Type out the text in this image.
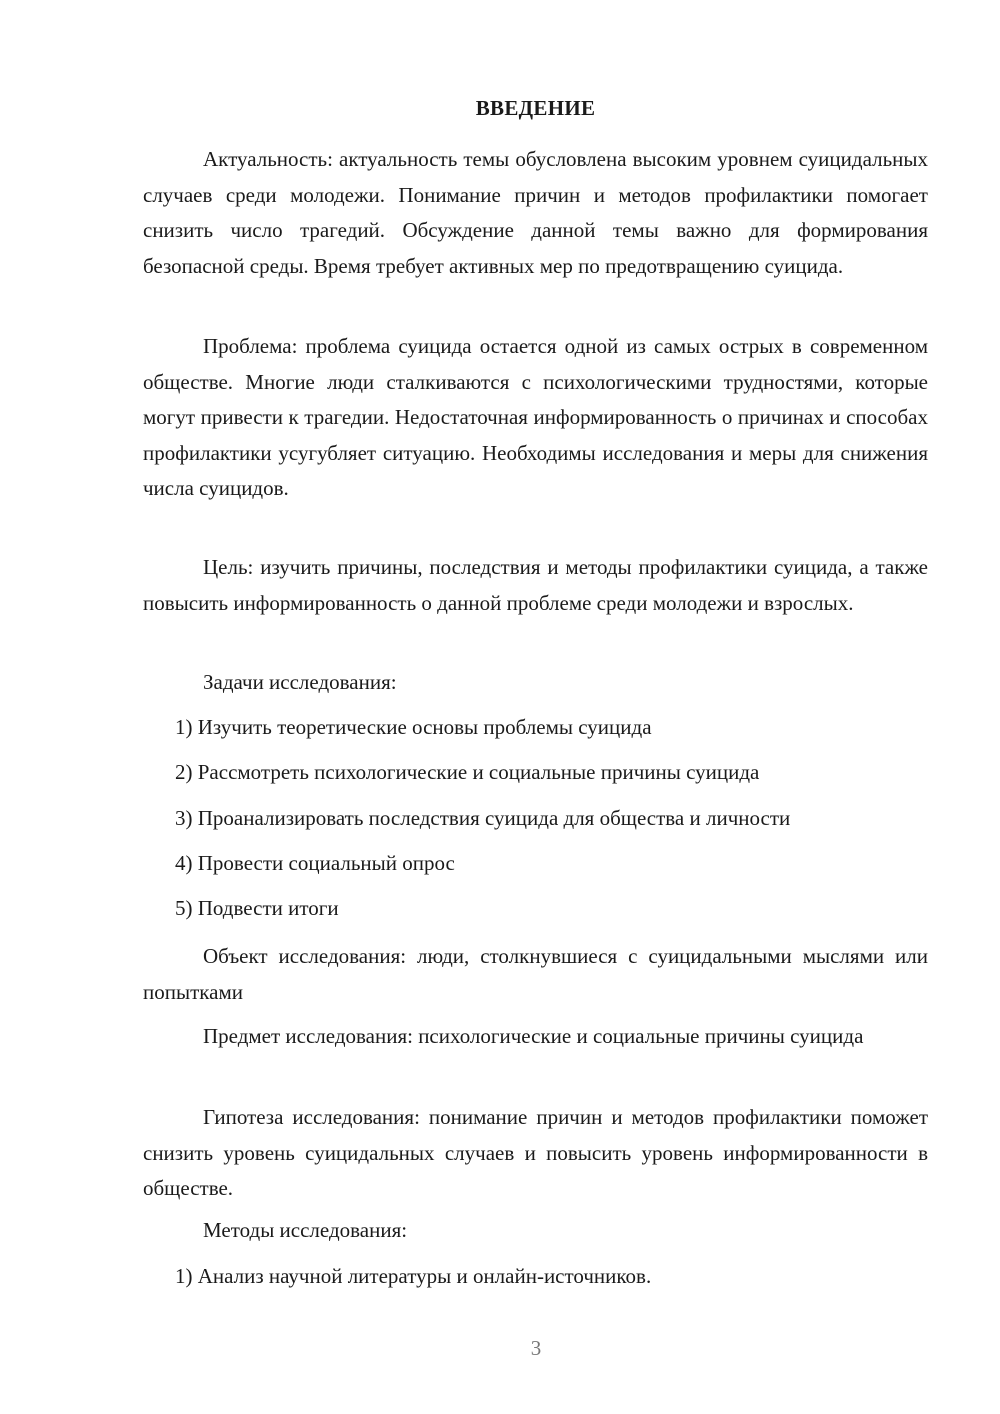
ВВЕДЕНИЕ

Актуальность: актуальность темы обусловлена высоким уровнем суицидальных случаев среди молодежи. Понимание причин и методов профилактики помогает снизить число трагедий. Обсуждение данной темы важно для формирования безопасной среды. Время требует активных мер по предотвращению суицида.

Проблема: проблема суицида остается одной из самых острых в современном обществе. Многие люди сталкиваются с психологическими трудностями, которые могут привести к трагедии. Недостаточная информированность о причинах и способах профилактики усугубляет ситуацию. Необходимы исследования и меры для снижения числа суицидов.

Цель: изучить причины, последствия и методы профилактики суицида, а также повысить информированность о данной проблеме среди молодежи и взрослых.

Задачи исследования:

1) Изучить теоретические основы проблемы суицида

2) Рассмотреть психологические и социальные причины суицида

3) Проанализировать последствия суицида для общества и личности

4) Провести социальный опрос

5) Подвести итоги

Объект исследования: люди, столкнувшиеся с суицидальными мыслями или попытками

Предмет исследования: психологические и социальные причины суицида

Гипотеза исследования: понимание причин и методов профилактики поможет снизить уровень суицидальных случаев и повысить уровень информированности в обществе.

Методы исследования:

1) Анализ научной литературы и онлайн-источников.

3
